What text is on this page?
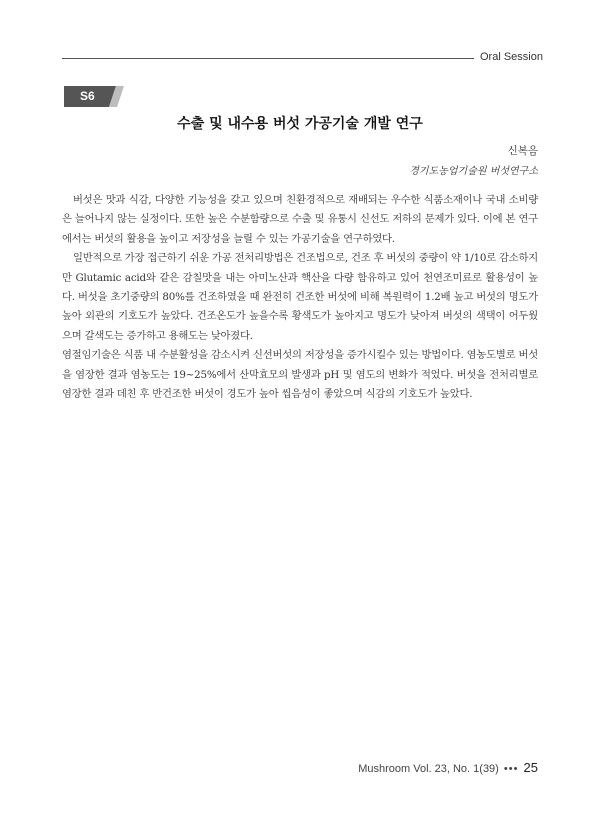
Oral Session
S6
수출 및 내수용 버섯 가공기술 개발 연구
신복음
경기도농업기술원 버섯연구소

버섯은 맛과 식감, 다양한 기능성을 갖고 있으며 친환경적으로 재배되는 우수한 식품소재이나 국내 소비량은 늘어나지 않는 실정이다. 또한 높은 수분함량으로 수출 및 유통시 신선도 저하의 문제가 있다. 이에 본 연구에서는 버섯의 활용을 높이고 저장성을 늘릴 수 있는 가공기술을 연구하였다.

일반적으로 가장 접근하기 쉬운 가공 전처리방법은 건조법으로, 건조 후 버섯의 중량이 약 1/10로 감소하지만 Glutamic acid와 같은 감칠맛을 내는 아미노산과 핵산을 다량 함유하고 있어 천연조미료로 활용성이 높다. 버섯을 초기중량의 80%를 건조하였을 때 완전히 건조한 버섯에 비해 복원력이 1.2배 높고 버섯의 명도가 높아 외관의 기호도가 높았다. 건조온도가 높을수록 황색도가 높아지고 명도가 낮아져 버섯의 색택이 어두웠으며 갈색도는 증가하고 용해도는 낮아졌다.

염절임기술은 식품 내 수분활성을 감소시켜 신선버섯의 저장성을 증가시킬수 있는 방법이다. 염농도별로 버섯을 염장한 결과 염농도는 19~25%에서 산막효모의 발생과 pH 및 염도의 변화가 적었다. 버섯을 전처리별로 염장한 결과 데친 후 반건조한 버섯이 경도가 높아 씹음성이 좋았으며 식감의 기호도가 높았다.

Mushroom Vol. 23, No. 1(39) ••• 25
